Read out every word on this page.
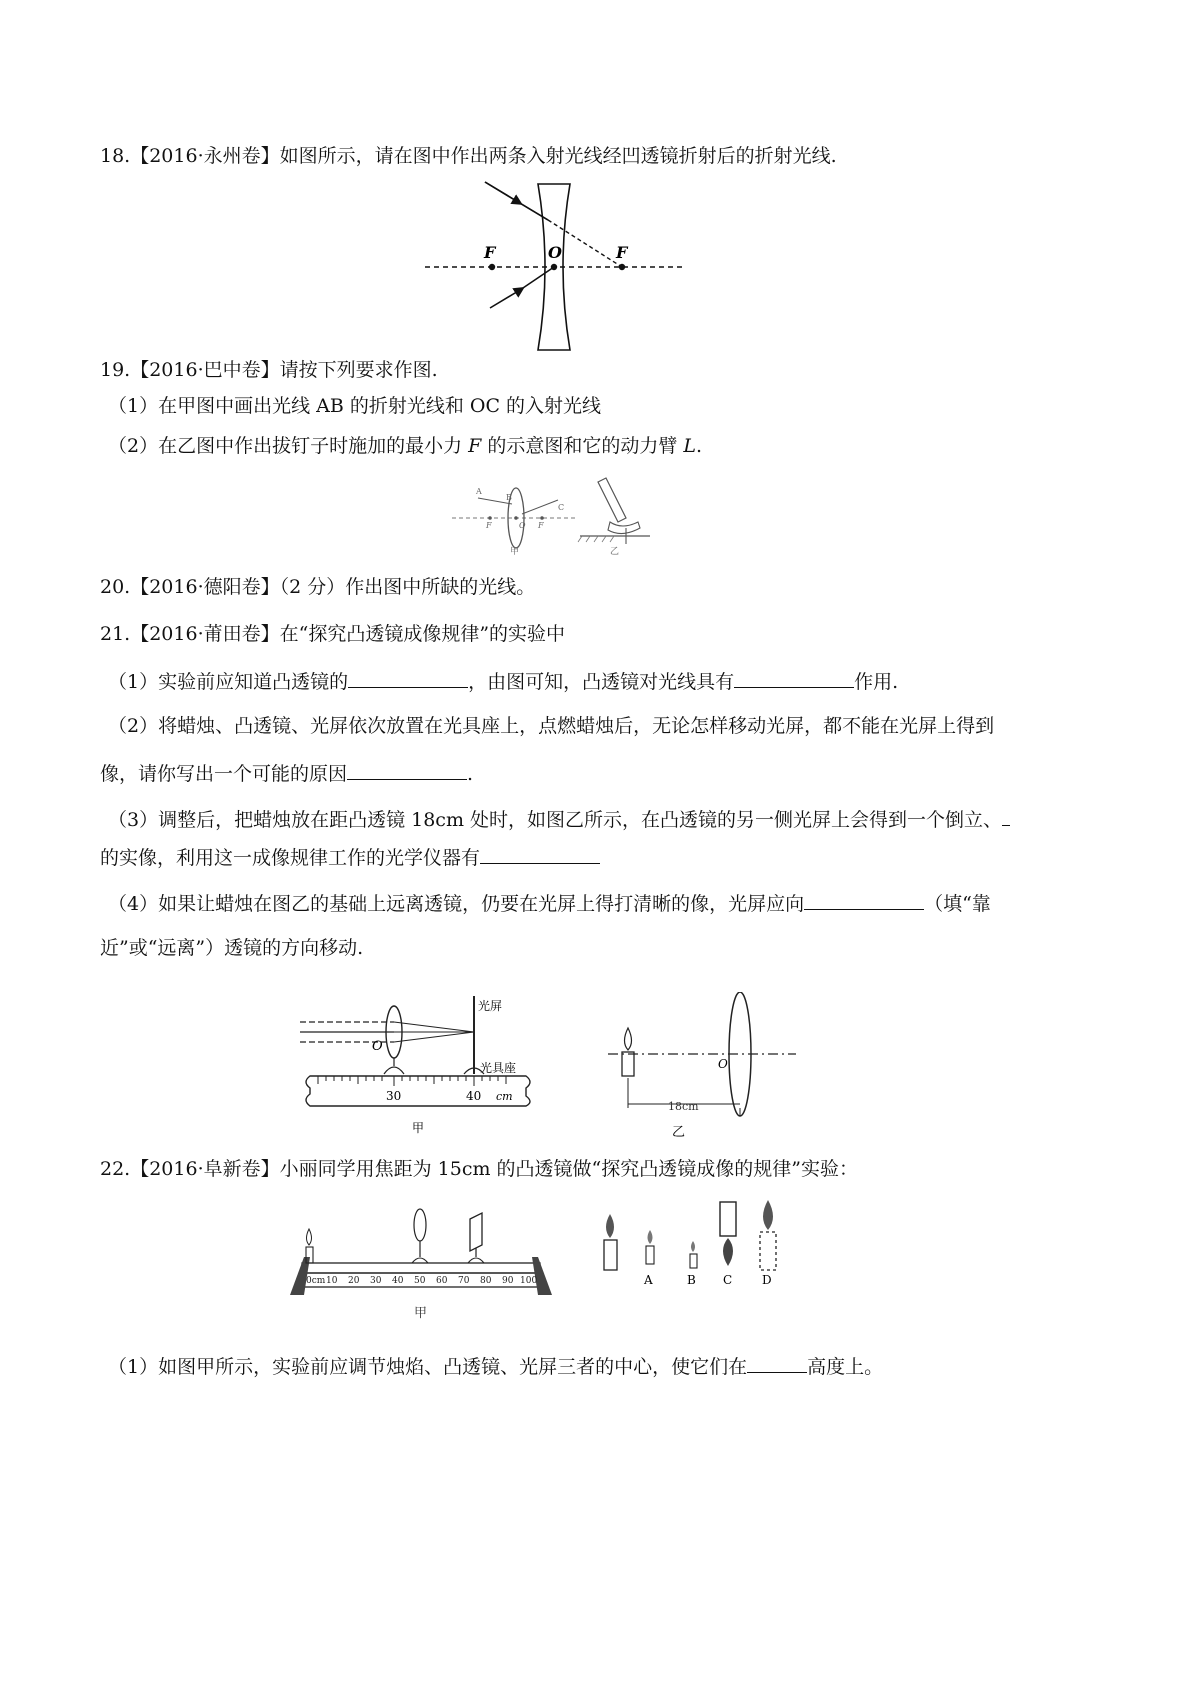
18.【2016·永州卷】如图所示，请在图中作出两条入射光线经凹透镜折射后的折射光线.
F	O	F
19.【2016·巴中卷】请按下列要求作图.
（1）在甲图中画出光线 AB 的折射光线和 OC 的入射光线
（2）在乙图中作出拔钉子时施加的最小力 F 的示意图和它的动力臂 L.
A
B
F	O F
C
甲	乙
20.【2016·德阳卷】（2 分）作出图中所缺的光线。
21.【2016·莆田卷】在“探究凸透镜成像规律”的实验中
（1）实验前应知道凸透镜的	，由图可知，凸透镜对光线具有	作用.
（2）将蜡烛、凸透镜、光屏依次放置在光具座上，点燃蜡烛后，无论怎样移动光屏，都不能在光屏上得到
像，请你写出一个可能的原因	.
（3）调整后，把蜡烛放在距凸透镜 18cm 处时，如图乙所示，在凸透镜的另一侧光屏上会得到一个倒立、
的实像，利用这一成像规律工作的光学仪器有
（4）如果让蜡烛在图乙的基础上远离透镜，仍要在光屏上得打清晰的像，光屏应向	（填“靠
近”或“远离”）透镜的方向移动.
光屏
光具座
O
30	40 cm
甲
O
18cm
乙
22.【2016·阜新卷】小丽同学用焦距为 15cm 的凸透镜做“探究凸透镜成像的规律”实验：
0cm 10 20 30 40 50 60 70 80 90 100
甲
A	B C D
（1）如图甲所示，实验前应调节烛焰、凸透镜、光屏三者的中心，使它们在	高度上。
